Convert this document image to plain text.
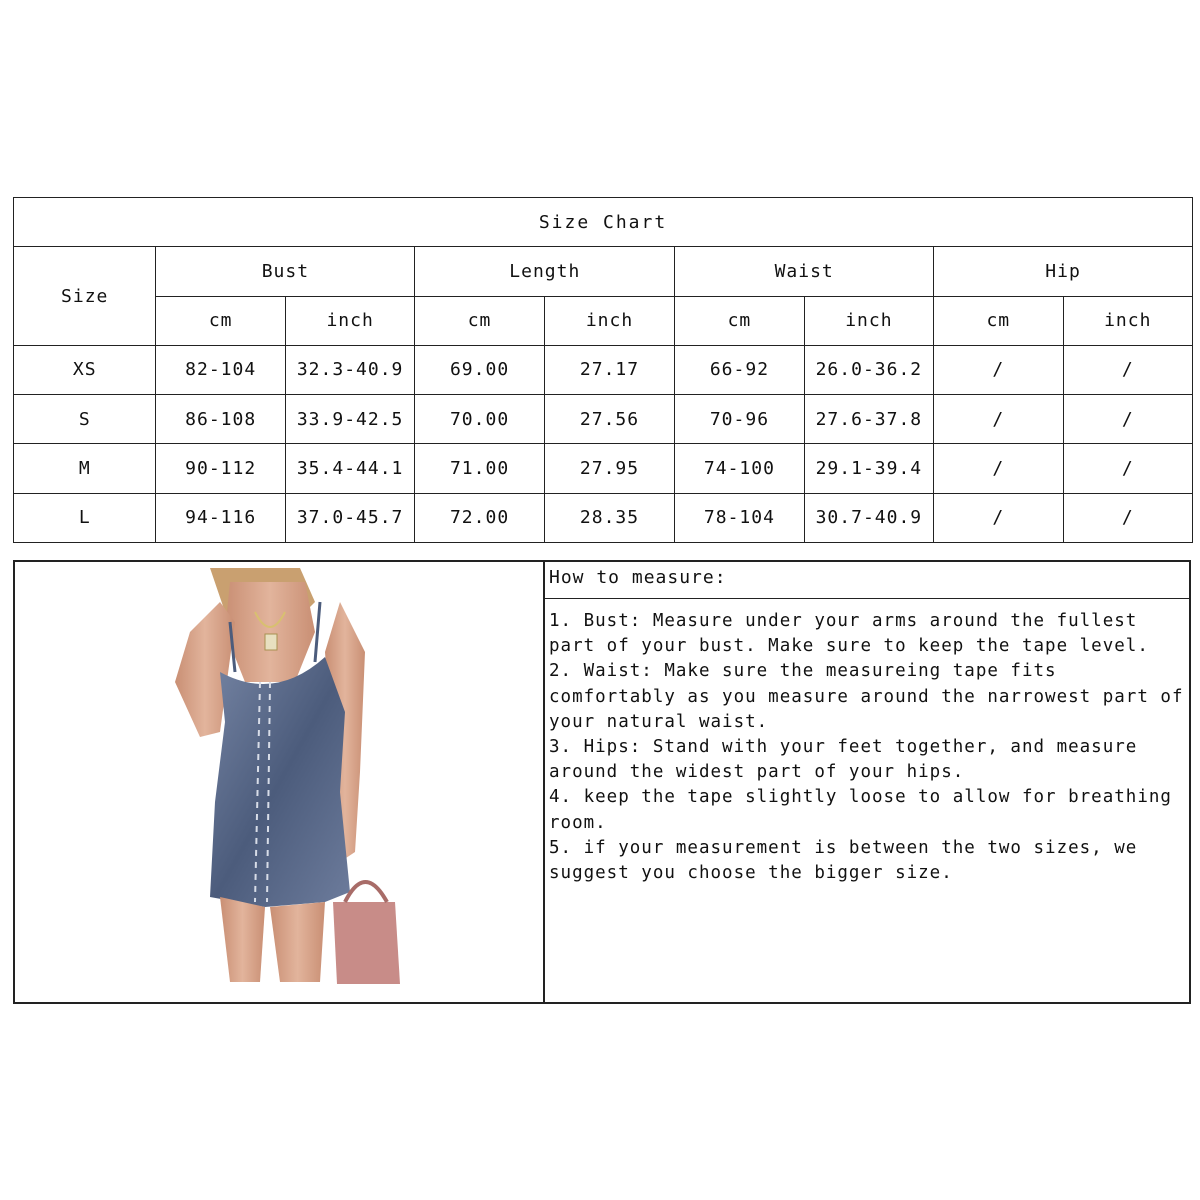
Size Chart								
Size	Bust		Length		Waist		Hip	
	cm	inch	cm	inch	cm	inch	cm	inch
XS	82-104	32.3-40.9	69.00	27.17	66-92	26.0-36.2	/	/
S	86-108	33.9-42.5	70.00	27.56	70-96	27.6-37.8	/	/
M	90-112	35.4-44.1	71.00	27.95	74-100	29.1-39.4	/	/
L	94-116	37.0-45.7	72.00	28.35	78-104	30.7-40.9	/	/
How to measure:

1. Bust: Measure under your arms around the fullest part of your bust. Make sure to keep the tape level.

2. Waist: Make sure the measureing tape fits comfortably as you measure around the narrowest part of your natural waist.

3. Hips: Stand with your feet together, and measure around the widest part of your hips.

4. keep the tape slightly loose to allow for breathing room.

5. if your measurement is between the two sizes, we suggest you choose the bigger size.
